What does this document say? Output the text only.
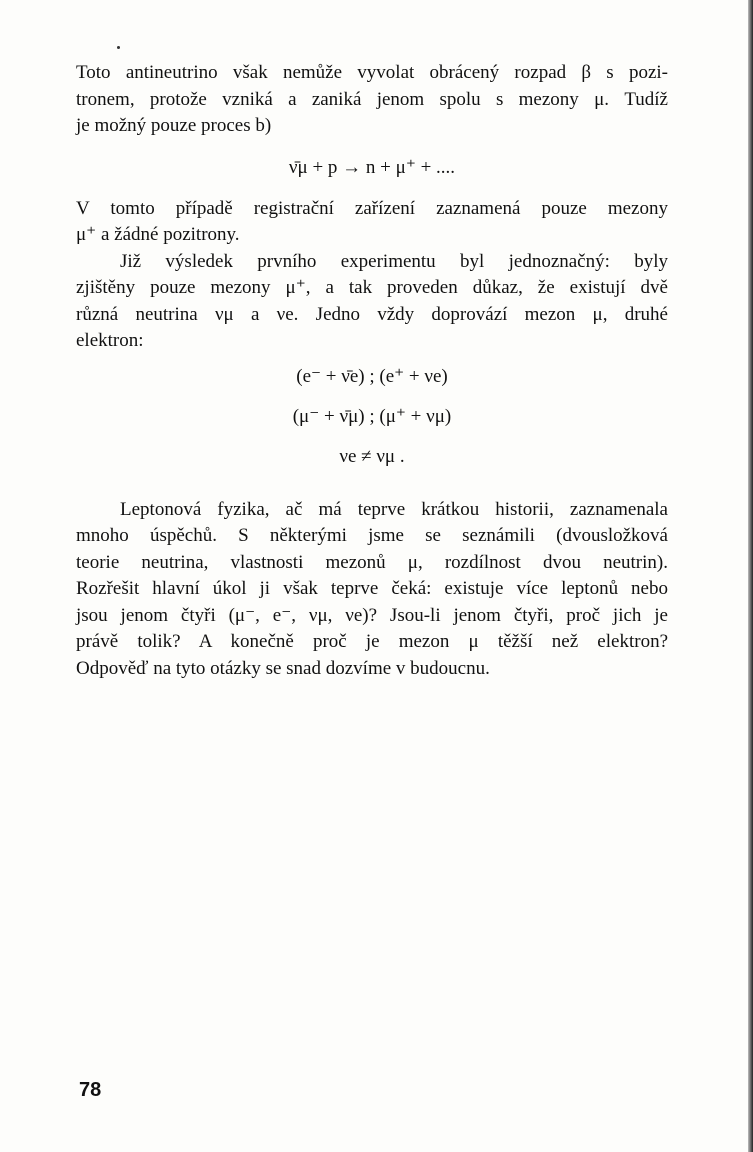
Toto antineutrino však nemůže vyvolat obrácený rozpad β s pozi-
tronem, protože vzniká a zaniká jenom spolu s mezony μ. Tudíž
je možný pouze proces b)

ν̄μ + p → n + μ⁺ + ....

V tomto případě registrační zařízení zaznamená pouze mezony
μ⁺ a žádné pozitrony.

Již výsledek prvního experimentu byl jednoznačný: byly
zjištěny pouze mezony μ⁺, a tak proveden důkaz, že existují dvě
různá neutrina νμ a νe. Jedno vždy doprovází mezon μ, druhé
elektron:

(e⁻ + ν̄e) ; (e⁺ + νe)
(μ⁻ + ν̄μ) ; (μ⁺ + νμ)
νe ≠ νμ .

Leptonová fyzika, ač má teprve krátkou historii, zaznamenala
mnoho úspěchů. S některými jsme se seznámili (dvousložková
teorie neutrina, vlastnosti mezonů μ, rozdílnost dvou neutrin).
Rozřešit hlavní úkol ji však teprve čeká: existuje více leptonů nebo
jsou jenom čtyři (μ⁻, e⁻, νμ, νe)? Jsou-li jenom čtyři, proč jich je
právě tolik? A konečně proč je mezon μ těžší než elektron?
Odpověď na tyto otázky se snad dozvíme v budoucnu.

78
